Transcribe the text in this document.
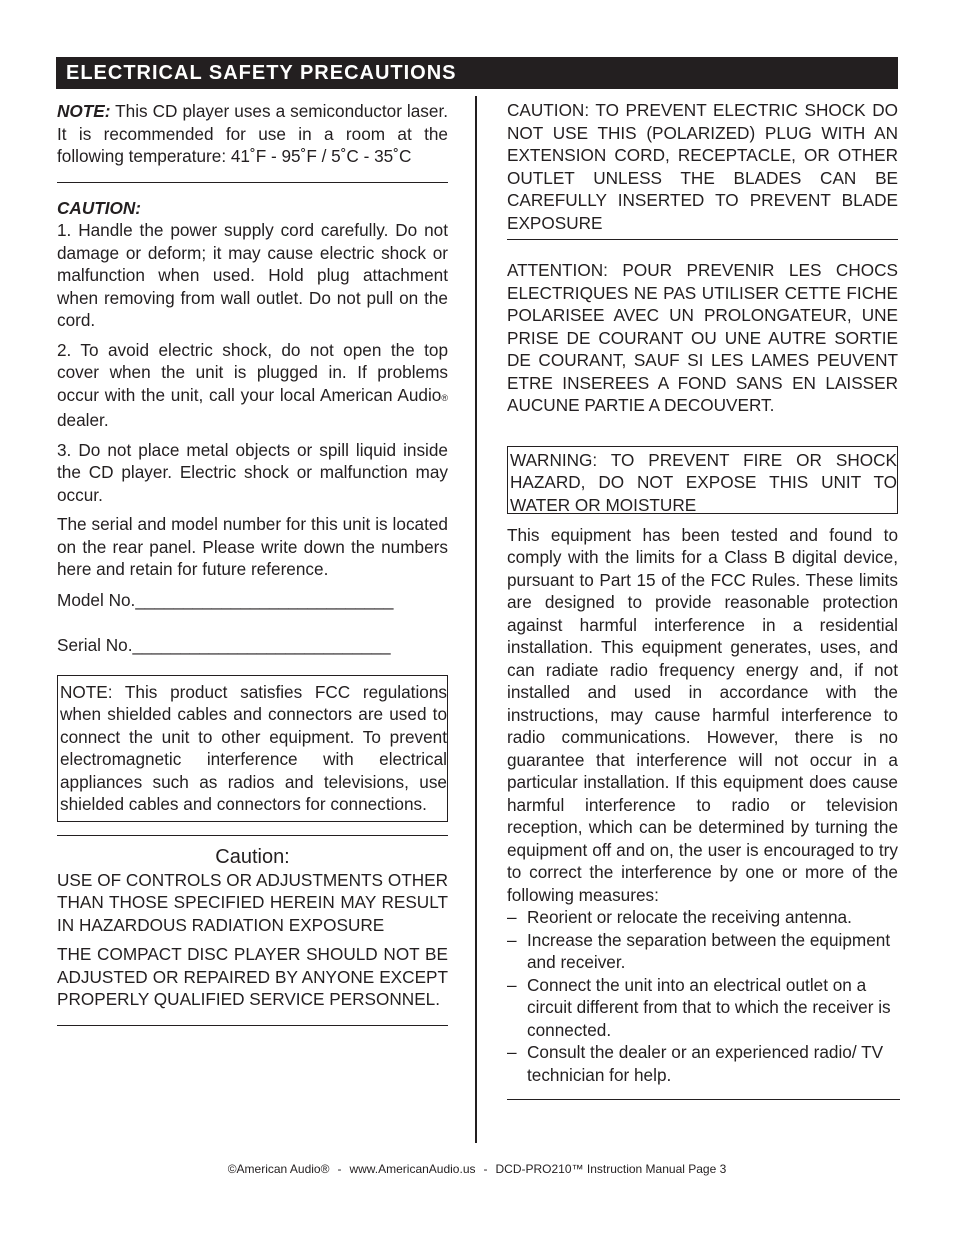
ELECTRICAL SAFETY PRECAUTIONS

NOTE: This CD player uses a semiconductor laser. It is recommended for use in a room at the following temperature: 41˚F - 95˚F / 5˚C - 35˚C

CAUTION:

1. Handle the power supply cord carefully. Do not damage or deform; it may cause electric shock or malfunction when used. Hold plug attachment when removing from wall outlet. Do not pull on the cord.

2. To avoid electric shock, do not open the top cover when the unit is plugged in. If problems occur with the unit, call your local American Audio® dealer.

3. Do not place metal objects or spill liquid inside the CD player. Electric shock or malfunction may occur.

The serial and model number for this unit is located on the rear panel. Please write down the numbers here and retain for future reference.

Model No.___________________________

Serial No.___________________________

NOTE: This product satisfies FCC regulations when shielded cables and connectors are used to connect the unit to other equipment. To prevent electromagnetic interference with electrical appliances such as radios and televisions, use shielded cables and connectors for connections.

Caution:

USE OF CONTROLS OR ADJUSTMENTS OTHER THAN THOSE SPECIFIED HEREIN MAY RESULT IN HAZARDOUS RADIATION EXPOSURE

THE COMPACT DISC PLAYER SHOULD NOT BE ADJUSTED OR REPAIRED BY ANYONE EXCEPT PROPERLY QUALIFIED SERVICE PERSONNEL.

CAUTION: TO PREVENT ELECTRIC SHOCK DO NOT USE THIS (POLARIZED) PLUG WITH AN EXTENSION CORD, RECEPTACLE, OR OTHER OUTLET UNLESS THE BLADES CAN BE CAREFULLY INSERTED TO PREVENT BLADE EXPOSURE

ATTENTION: POUR PREVENIR LES CHOCS ELECTRIQUES NE PAS UTILISER CETTE FICHE POLARISEE AVEC UN PROLONGATEUR, UNE PRISE DE COURANT OU UNE AUTRE SORTIE DE COURANT, SAUF SI LES LAMES PEUVENT ETRE INSEREES A FOND SANS EN LAISSER AUCUNE PARTIE A DECOUVERT.

WARNING: TO PREVENT FIRE OR SHOCK HAZARD, DO NOT EXPOSE THIS UNIT TO WATER OR MOISTURE

This equipment has been tested and found to comply with the limits for a Class B digital device, pursuant to Part 15 of the FCC Rules. These limits are designed to provide reasonable protection against harmful interference in a residential installation. This equipment generates, uses, and can radiate radio frequency energy and, if not installed and used in accordance with the instructions, may cause harmful interference to radio communications. However, there is no guarantee that interference will not occur in a particular installation. If this equipment does cause harmful interference to radio or television reception, which can be determined by turning the equipment off and on, the user is encouraged to try to correct the interference by one or more of the following measures:

– Reorient or relocate the receiving antenna.
– Increase the separation between the equipment and receiver.
– Connect the unit into an electrical outlet on a circuit different from that to which the receiver is connected.
– Consult the dealer or an experienced radio/ TV technician for help.
©American Audio® - www.AmericanAudio.us - DCD-PRO210™ Instruction Manual Page 3
